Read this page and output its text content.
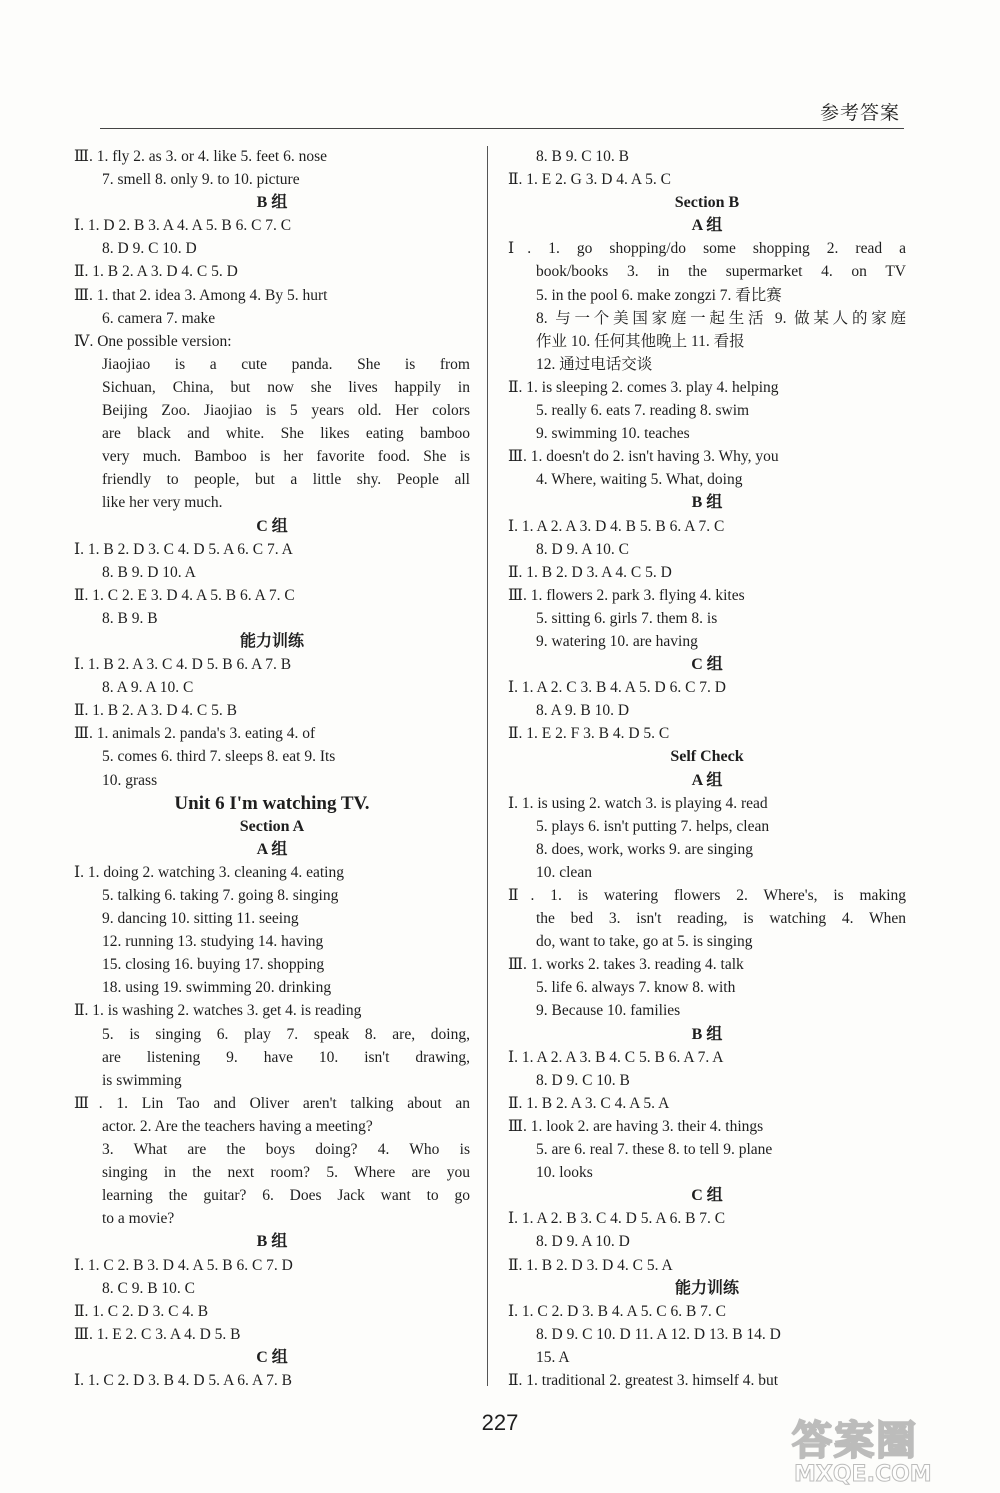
参考答案
Ⅲ. 1. fly 2. as 3. or 4. like 5. feet 6. nose
7. smell 8. only 9. to 10. picture
B 组
Ⅰ. 1. D 2. B 3. A 4. A 5. B 6. C 7. C
8. D 9. C 10. D
Ⅱ. 1. B 2. A 3. D 4. C 5. D
Ⅲ. 1. that 2. idea 3. Among 4. By 5. hurt
6. camera 7. make
Ⅳ. One possible version:
Jiaojiao is a cute panda. She is from
Sichuan, China, but now she lives happily in
Beijing Zoo. Jiaojiao is 5 years old. Her colors
are black and white. She likes eating bamboo
very much. Bamboo is her favorite food. She is
friendly to people, but a little shy. People all
like her very much.
C 组
Ⅰ. 1. B 2. D 3. C 4. D 5. A 6. C 7. A
8. B 9. D 10. A
Ⅱ. 1. C 2. E 3. D 4. A 5. B 6. A 7. C
8. B 9. B
能力训练
Ⅰ. 1. B 2. A 3. C 4. D 5. B 6. A 7. B
8. A 9. A 10. C
Ⅱ. 1. B 2. A 3. D 4. C 5. B
Ⅲ. 1. animals 2. panda's 3. eating 4. of
5. comes 6. third 7. sleeps 8. eat 9. Its
10. grass
Unit 6 I'm watching TV.
Section A
A 组
Ⅰ. 1. doing 2. watching 3. cleaning 4. eating
5. talking 6. taking 7. going 8. singing
9. dancing 10. sitting 11. seeing
12. running 13. studying 14. having
15. closing 16. buying 17. shopping
18. using 19. swimming 20. drinking
Ⅱ. 1. is washing 2. watches 3. get 4. is reading
5. is singing 6. play 7. speak 8. are, doing,
are listening 9. have 10. isn't drawing,
is swimming
Ⅲ. 1. Lin Tao and Oliver aren't talking about an
actor. 2. Are the teachers having a meeting?
3. What are the boys doing? 4. Who is
singing in the next room? 5. Where are you
learning the guitar? 6. Does Jack want to go
to a movie?
B 组
Ⅰ. 1. C 2. B 3. D 4. A 5. B 6. C 7. D
8. C 9. B 10. C
Ⅱ. 1. C 2. D 3. C 4. B
Ⅲ. 1. E 2. C 3. A 4. D 5. B
C 组
Ⅰ. 1. C 2. D 3. B 4. D 5. A 6. A 7. B
8. B 9. C 10. B
Ⅱ. 1. E 2. G 3. D 4. A 5. C
Section B
A 组
Ⅰ. 1. go shopping/do some shopping 2. read a
book/books 3. in the supermarket 4. on TV
5. in the pool 6. make zongzi 7. 看比赛
8. 与一个美国家庭一起生活 9. 做某人的家庭
作业 10. 任何其他晚上 11. 看报
12. 通过电话交谈
Ⅱ. 1. is sleeping 2. comes 3. play 4. helping
5. really 6. eats 7. reading 8. swim
9. swimming 10. teaches
Ⅲ. 1. doesn't do 2. isn't having 3. Why, you
4. Where, waiting 5. What, doing
B 组
Ⅰ. 1. A 2. A 3. D 4. B 5. B 6. A 7. C
8. D 9. A 10. C
Ⅱ. 1. B 2. D 3. A 4. C 5. D
Ⅲ. 1. flowers 2. park 3. flying 4. kites
5. sitting 6. girls 7. them 8. is
9. watering 10. are having
C 组
Ⅰ. 1. A 2. C 3. B 4. A 5. D 6. C 7. D
8. A 9. B 10. D
Ⅱ. 1. E 2. F 3. B 4. D 5. C
Self Check
A 组
Ⅰ. 1. is using 2. watch 3. is playing 4. read
5. plays 6. isn't putting 7. helps, clean
8. does, work, works 9. are singing
10. clean
Ⅱ. 1. is watering flowers 2. Where's, is making
the bed 3. isn't reading, is watching 4. When
do, want to take, go at 5. is singing
Ⅲ. 1. works 2. takes 3. reading 4. talk
5. life 6. always 7. know 8. with
9. Because 10. families
B 组
Ⅰ. 1. A 2. A 3. B 4. C 5. B 6. A 7. A
8. D 9. C 10. B
Ⅱ. 1. B 2. A 3. C 4. A 5. A
Ⅲ. 1. look 2. are having 3. their 4. things
5. are 6. real 7. these 8. to tell 9. plane
10. looks
C 组
Ⅰ. 1. A 2. B 3. C 4. D 5. A 6. B 7. C
8. D 9. A 10. D
Ⅱ. 1. B 2. D 3. D 4. C 5. A
能力训练
Ⅰ. 1. C 2. D 3. B 4. A 5. C 6. B 7. C
8. D 9. C 10. D 11. A 12. D 13. B 14. D
15. A
Ⅱ. 1. traditional 2. greatest 3. himself 4. but
227	答案圈
MXQE.COM
